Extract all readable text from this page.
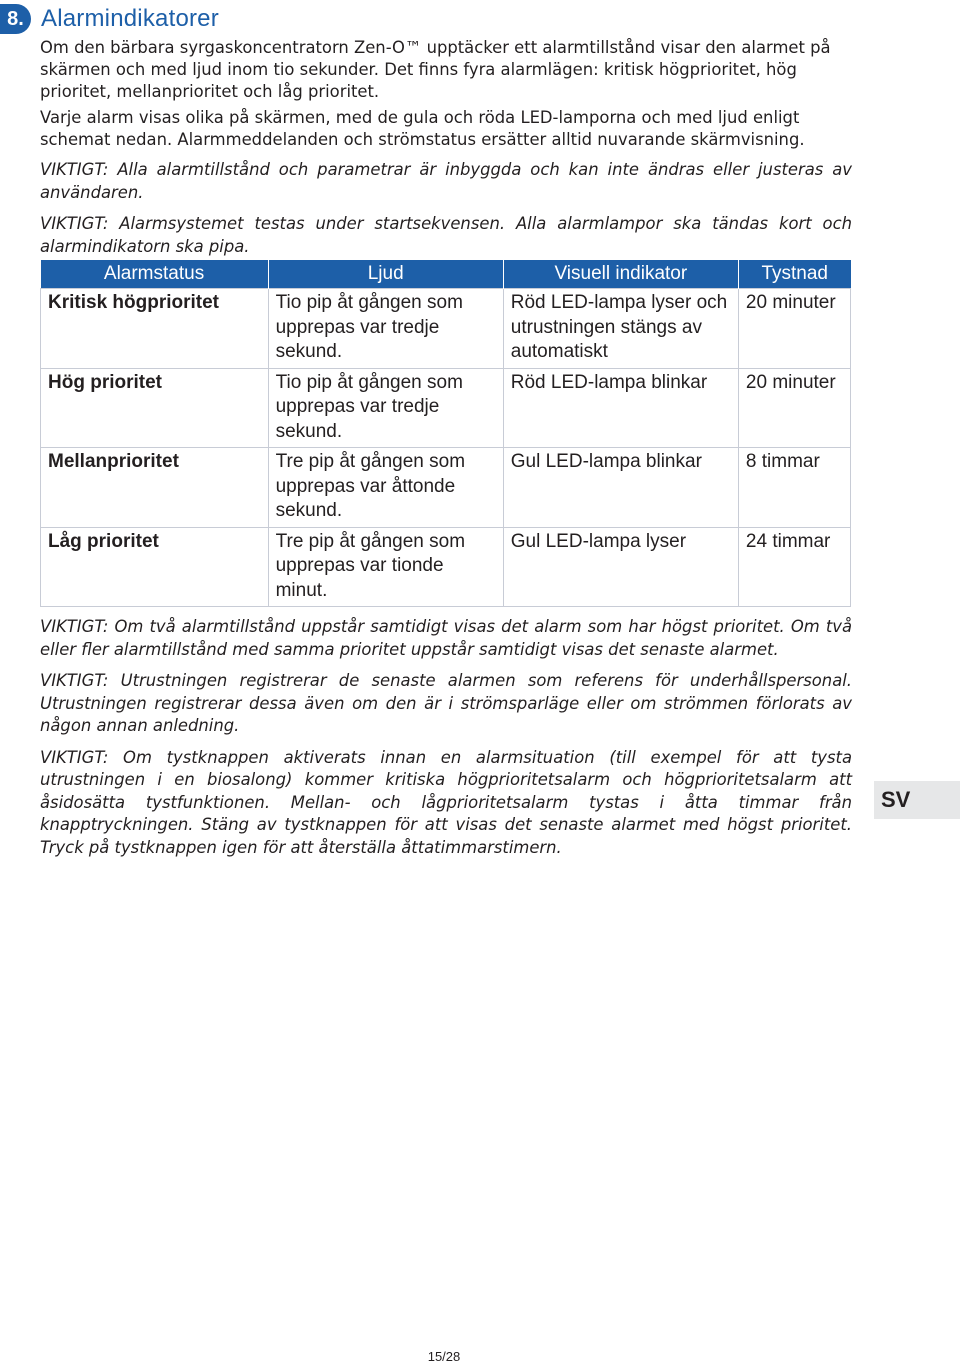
8. Alarmindikatorer

Om den bärbara syrgaskoncentratorn Zen-O™ upptäcker ett alarmtillstånd visar den alarmet på skärmen och med ljud inom tio sekunder. Det finns fyra alarmlägen: kritisk högprioritet, hög prioritet, mellanprioritet och låg prioritet.

Varje alarm visas olika på skärmen, med de gula och röda LED-lamporna och med ljud enligt schemat nedan. Alarmmeddelanden och strömstatus ersätter alltid nuvarande skärmvisning.

VIKTIGT: Alla alarmtillstånd och parametrar är inbyggda och kan inte ändras eller justeras av användaren.

VIKTIGT: Alarmsystemet testas under startsekvensen. Alla alarmlampor ska tändas kort och alarmindikatorn ska pipa.

Alarmstatus	Ljud	Visuell indikator	Tystnad
Kritisk högprioritet	Tio pip åt gången som upprepas var tredje sekund.	Röd LED-lampa lyser och utrustningen stängs av automatiskt	20 minuter
Hög prioritet	Tio pip åt gången som upprepas var tredje sekund.	Röd LED-lampa blinkar	20 minuter
Mellanprioritet	Tre pip åt gången som upprepas var åttonde sekund.	Gul LED-lampa blinkar	8 timmar
Låg prioritet	Tre pip åt gången som upprepas var tionde minut.	Gul LED-lampa lyser	24 timmar

VIKTIGT: Om två alarmtillstånd uppstår samtidigt visas det alarm som har högst prioritet. Om två eller fler alarmtillstånd med samma prioritet uppstår samtidigt visas det senaste alarmet.

VIKTIGT: Utrustningen registrerar de senaste alarmen som referens för underhållspersonal. Utrustningen registrerar dessa även om den är i strömsparläge eller om strömmen förlorats av någon annan anledning.

VIKTIGT: Om tystknappen aktiverats innan en alarmsituation (till exempel för att tysta utrustningen i en biosalong) kommer kritiska högprioritetsalarm och högprioritetsalarm att åsidosätta tystfunktionen. Mellan- och lågprioritetsalarm tystas i åtta timmar från knapptryckningen. Stäng av tystknappen för att visas det senaste alarmet med högst prioritet. Tryck på tystknappen igen för att återställa åttatimmarstimern.

SV
15/28
